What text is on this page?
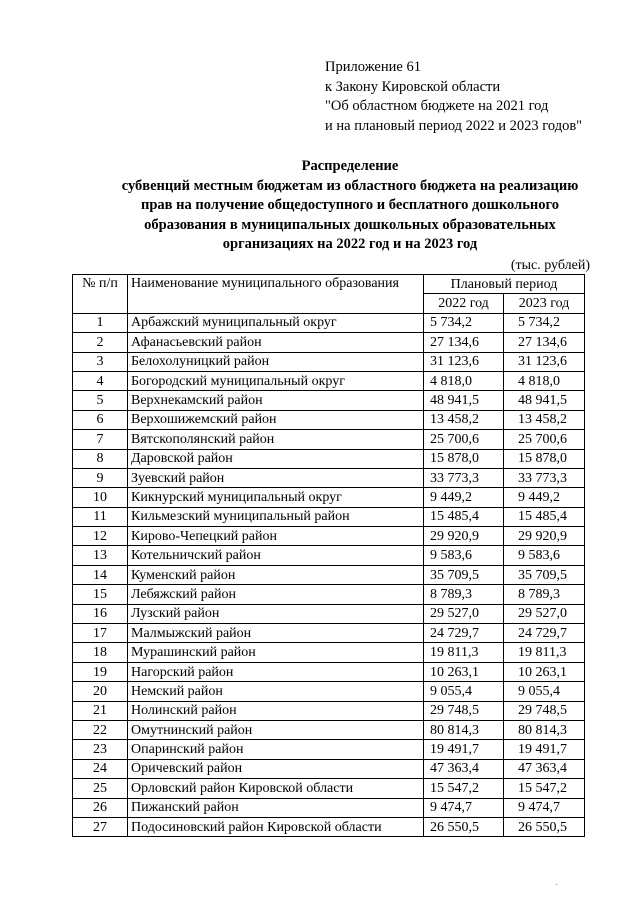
Приложение 61
к Закону Кировской области
"Об областном бюджете на 2021 год
и на плановый период 2022 и 2023 годов"
Распределение
субвенций местным бюджетам из областного бюджета на реализацию
прав на получение общедоступного и бесплатного дошкольного
образования в муниципальных дошкольных образовательных
организациях на 2022 год и на 2023 год
(тыс. рублей)
№ п/п	Наименование муниципального образования	Плановый период	
		2022 год	2023 год
1	Арбажский муниципальный округ	5 734,2	5 734,2
2	Афанасьевский район	27 134,6	27 134,6
3	Белохолуницкий район	31 123,6	31 123,6
4	Богородский муниципальный округ	4 818,0	4 818,0
5	Верхнекамский район	48 941,5	48 941,5
6	Верхошижемский район	13 458,2	13 458,2
7	Вятскополянский район	25 700,6	25 700,6
8	Даровской район	15 878,0	15 878,0
9	Зуевский район	33 773,3	33 773,3
10	Кикнурский муниципальный округ	9 449,2	9 449,2
11	Кильмезский муниципальный район	15 485,4	15 485,4
12	Кирово-Чепецкий район	29 920,9	29 920,9
13	Котельничский район	9 583,6	9 583,6
14	Куменский район	35 709,5	35 709,5
15	Лебяжский район	8 789,3	8 789,3
16	Лузский район	29 527,0	29 527,0
17	Малмыжский район	24 729,7	24 729,7
18	Мурашинский район	19 811,3	19 811,3
19	Нагорский район	10 263,1	10 263,1
20	Немский район	9 055,4	9 055,4
21	Нолинский район	29 748,5	29 748,5
22	Омутнинский район	80 814,3	80 814,3
23	Опаринский район	19 491,7	19 491,7
24	Оричевский район	47 363,4	47 363,4
25	Орловский район Кировской области	15 547,2	15 547,2
26	Пижанский район	9 474,7	9 474,7
27	Подосиновский район Кировской области	26 550,5	26 550,5
·
